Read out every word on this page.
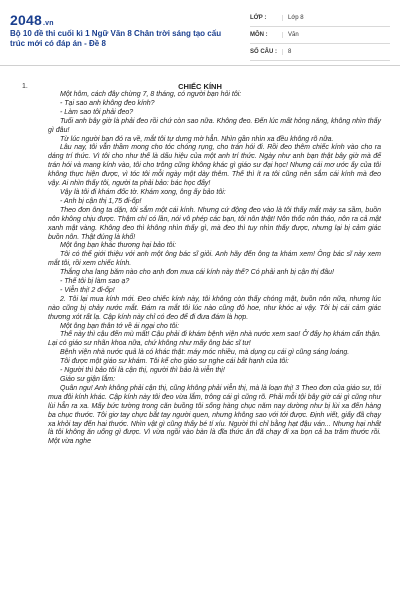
2048.vn
Bộ 10 đề thi cuối kì 1 Ngữ Văn 8 Chân trời sáng tạo cấu trúc mới có đáp án - Đề 8
LỚP :	Lớp 8
MÔN :	Văn
SỐ CÂU :	8
1.	CHIẾC KÍNH

Một hôm, cách đây chừng 7, 8 tháng, có người bạn hỏi tôi:

- Tại sao anh không đeo kính?

- Làm sao tôi phải đeo?

Tuổi anh bây giờ là phải đeo rồi chứ còn sao nữa. Không đeo. Đến lúc mất hỏng năng, không nhìn thấy gì đâu!

Từ lúc người bạn đó ra về, mắt tôi tự dưng mờ hẳn. Nhìn gần nhìn xa đều không rõ nữa.

Lâu nay, tôi vẫn thầm mong cho tóc chóng rụng, cho trán hói đi. Rồi đeo thêm chiếc kính vào cho ra dáng trí thức. Vì tôi cho như thế là dấu hiệu của một anh trí thức. Ngày như anh bạn thật bây giờ mà để trán hói và mang kính vào, tôi cho trông cũng không khác gì giáo sư đại học! Nhưng cái mơ ước ấy của tôi không thực hiện được, vì tóc tôi mỗi ngày một dày thêm. Thế thì ít ra tôi cũng nên sắm cái kính mà đeo vậy. Ai nhìn thấy tôi, người ta phải bảo: bác học đấy!

Vậy là tôi đi khám đốc tờ. Khám xong, ông ấy bảo tôi:

- Anh bị cận thị 1,75 đi-ốp!

Theo đơn ông ta dặn, tôi sắm một cái kính. Nhưng cứ động đeo vào là tôi thấy mắt mày sa sầm, buồn nôn không chịu được. Thậm chí có lần, nói vô phép các bạn, tôi nôn thật! Nôn thốc nôn tháo, nôn ra cả mật xanh mật vàng. Không đeo thì không nhìn thấy gì, mà đeo thì tuy nhìn thấy được, nhưng lại bị cảm giác buồn nôn. Thật đúng là khổ!

Một ông bạn khác thương hại bảo tôi:

Tôi có thể giới thiệu với anh một ông bác sĩ giỏi. Anh hãy đến ông ta khám xem! Ông bác sĩ này xem mắt tôi, rồi xem chiếc kính.

Thắng cha lang băm nào cho anh đơn mua cái kính này thế? Có phải anh bị cận thị đâu!

- Thế tôi bị làm sao ạ?

- Viễn thị! 2 đi-ốp!

2. Tôi lại mua kính mới. Đeo chiếc kính này, tôi không còn thấy chóng mặt, buồn nôn nữa, nhưng lúc nào cũng bị chảy nước mắt. Đám ra mắt tôi lúc nào cũng đỏ hoe, như khóc ai vậy. Tôi bị cái cảm giác thương xót rất lạ. Cập kính này chỉ có đeo để đi đưa đám là hợp.

Một ông bạn thân tớ về ái ngại cho tôi:

Thế này thì cậu đến mù mất! Cậu phải đi khám bệnh viện nhà nước xem sao! Ở đấy họ khám cẩn thận. Lại có giáo sư nhãn khoa nữa, chứ không như mấy ông bác sĩ tư!

Bệnh viện nhà nước quả là có khác thật: máy móc nhiều, mà dụng cụ cái gì cũng sáng loáng.

Tôi được một giáo sư khám. Tôi kể cho giáo sư nghe cái bất hạnh của tôi:

- Người thì bảo tôi là cận thị, người thì bảo là viễn thị!

Giáo sư giận lắm:

Quân ngu! Anh không phải cận thị, cũng không phải viễn thị, mà là loạn thị! 3 Theo đơn của giáo sư, tôi mua đôi kính khác. Cập kính này tôi đeo vừa lắm, trông cái gì cũng rõ. Phải mỗi tội bây giờ cái gì cũng như lùi hẳn ra xa. Mấy bức tường trong căn buồng tôi sống hàng chục năm nay dường như bị lùi xa đến hàng ba chục thước. Tôi giơ tay chực bắt tay người quen, nhưng không sao với tới được. Định viết, giấy đã chạy xa khỏi tay đến hai thước. Nhìn vật gì cũng thấy bé tí xíu. Người thì chỉ bằng hạt đậu ván... Nhưng hại nhất là tôi không ăn uống gì được. Vì vừa ngồi vào bàn là đĩa thức ăn đã chạy đi xa bọn cả ba trăm thước rồi. Một vừa nghe
